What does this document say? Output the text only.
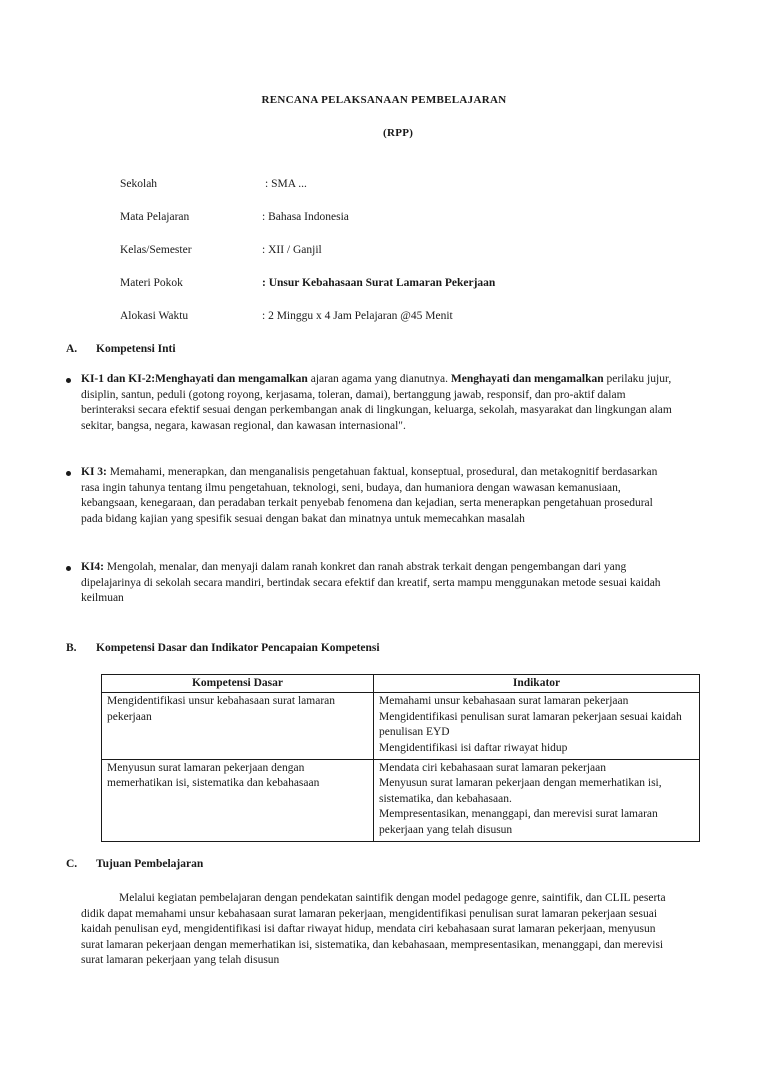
RENCANA PELAKSANAAN PEMBELAJARAN
(RPP)
Sekolah	: SMA ...
Mata Pelajaran	: Bahasa Indonesia
Kelas/Semester	: XII / Ganjil
Materi Pokok	: Unsur Kebahasaan Surat Lamaran Pekerjaan
Alokasi Waktu	: 2 Minggu x 4 Jam Pelajaran @45 Menit
A. Kompetensi Inti
KI-1 dan KI-2:Menghayati dan mengamalkan ajaran agama yang dianutnya. Menghayati dan mengamalkan perilaku jujur, disiplin, santun, peduli (gotong royong, kerjasama, toleran, damai), bertanggung jawab, responsif, dan pro-aktif dalam berinteraksi secara efektif sesuai dengan perkembangan anak di lingkungan, keluarga, sekolah, masyarakat dan lingkungan alam sekitar, bangsa, negara, kawasan regional, dan kawasan internasional".
KI 3: Memahami, menerapkan, dan menganalisis pengetahuan faktual, konseptual, prosedural, dan metakognitif berdasarkan rasa ingin tahunya tentang ilmu pengetahuan, teknologi, seni, budaya, dan humaniora dengan wawasan kemanusiaan, kebangsaan, kenegaraan, dan peradaban terkait penyebab fenomena dan kejadian, serta menerapkan pengetahuan prosedural pada bidang kajian yang spesifik sesuai dengan bakat dan minatnya untuk memecahkan masalah
KI4: Mengolah, menalar, dan menyaji dalam ranah konkret dan ranah abstrak terkait dengan pengembangan dari yang dipelajarinya di sekolah secara mandiri, bertindak secara efektif dan kreatif, serta mampu menggunakan metode sesuai kaidah keilmuan
B. Kompetensi Dasar dan Indikator Pencapaian Kompetensi
Kompetensi Dasar	Indikator
Mengidentifikasi unsur kebahasaan surat lamaran pekerjaan	Memahami unsur kebahasaan surat lamaran pekerjaan
Mengidentifikasi penulisan surat lamaran pekerjaan sesuai kaidah penulisan EYD
Mengidentifikasi isi daftar riwayat hidup

Menyusun surat lamaran pekerjaan dengan memerhatikan isi, sistematika dan kebahasaan	Mendata ciri kebahasaan surat lamaran pekerjaan
Menyusun surat lamaran pekerjaan dengan memerhatikan isi, sistematika, dan kebahasaan.
Mempresentasikan, menanggapi, dan merevisi surat lamaran pekerjaan yang telah disusun
C. Tujuan Pembelajaran
Melalui kegiatan pembelajaran dengan pendekatan saintifik dengan model pedagoge genre, saintifik, dan CLIL peserta didik dapat memahami unsur kebahasaan surat lamaran pekerjaan, mengidentifikasi penulisan surat lamaran pekerjaan sesuai kaidah penulisan eyd, mengidentifikasi isi daftar riwayat hidup, mendata ciri kebahasaan surat lamaran pekerjaan, menyusun surat lamaran pekerjaan dengan memerhatikan isi, sistematika, dan kebahasaan, mempresentasikan, menanggapi, dan merevisi surat lamaran pekerjaan yang telah disusun
